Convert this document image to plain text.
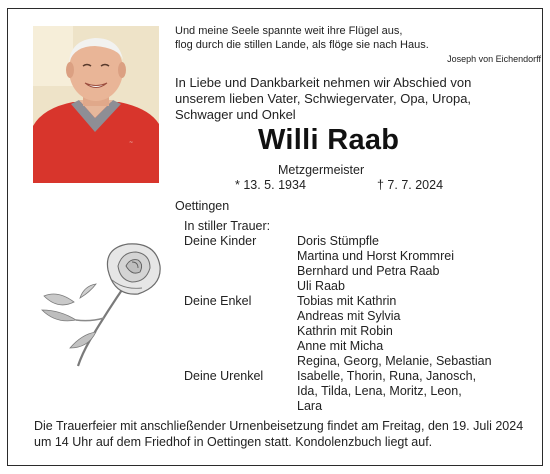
~
Und meine Seele spannte weit ihre Flügel aus,
flog durch die stillen Lande, als flöge sie nach Haus.
Joseph von Eichendorff
In Liebe und Dankbarkeit nehmen wir Abschied von
unserem lieben Vater, Schwiegervater, Opa, Uropa,
Schwager und Onkel
Willi Raab
Metzgermeister
* 13. 5. 1934	† 7. 7. 2024
Oettingen
In stiller Trauer:
Deine Kinder	Doris Stümpfle
Martina und Horst Krommrei
Bernhard und Petra Raab
Uli Raab
Deine Enkel	Tobias mit Kathrin
Andreas mit Sylvia
Kathrin mit Robin
Anne mit Micha
Regina, Georg, Melanie, Sebastian
Deine Urenkel	Isabelle, Thorin, Runa, Janosch,
Ida, Tilda, Lena, Moritz, Leon,
Lara
Die Trauerfeier mit anschließender Urnenbeisetzung findet am Freitag, den 19. Juli 2024
um 14 Uhr auf dem Friedhof in Oettingen statt. Kondolenzbuch liegt auf.
